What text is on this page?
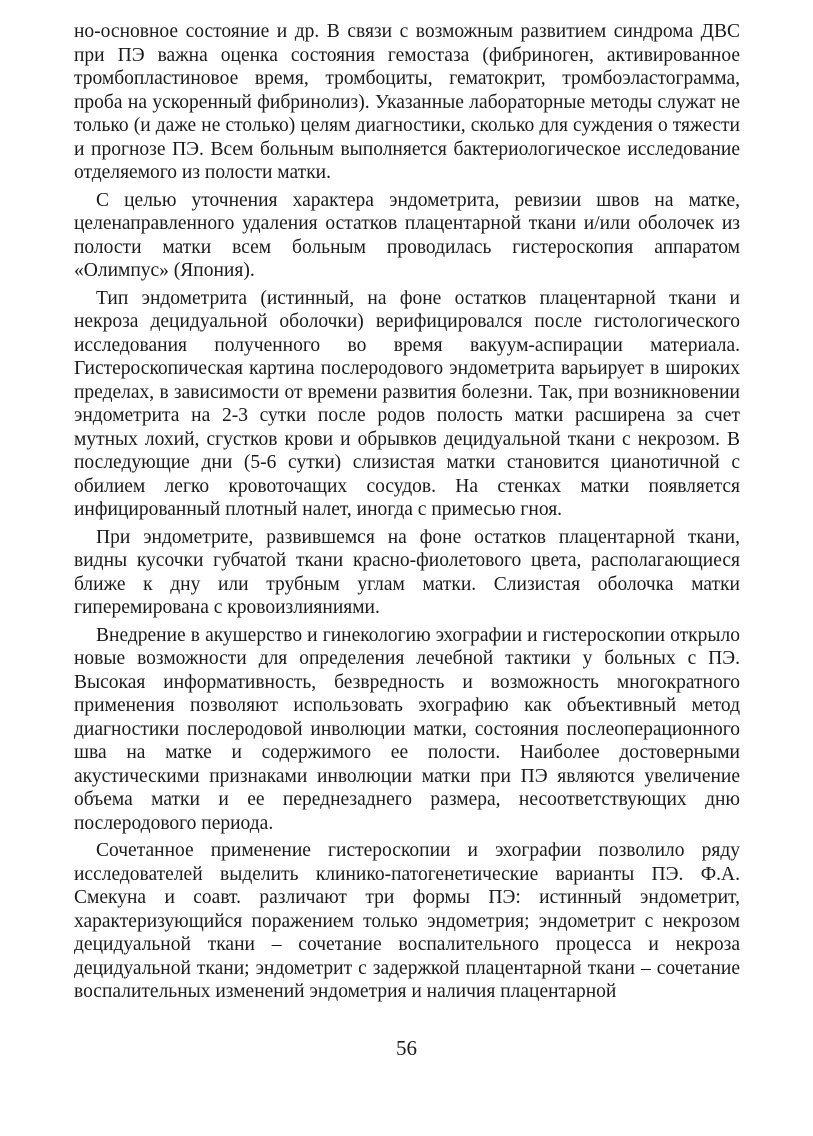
но-основное состояние и др. В связи с возможным развитием синдрома ДВС при ПЭ важна оценка состояния гемостаза (фибриноген, активированное тромбопластиновое время, тромбоциты, гематокрит, тромбоэластограмма, проба на ускоренный фибринолиз). Указанные лабораторные методы служат не только (и даже не столько) целям диагностики, сколько для суждения о тяжести и прогнозе ПЭ. Всем больным выполняется бактериологическое исследование отделяемого из полости матки.

С целью уточнения характера эндометрита, ревизии швов на матке, целенаправленного удаления остатков плацентарной ткани и/или оболочек из полости матки всем больным проводилась гистероскопия аппаратом «Олимпус» (Япония).

Тип эндометрита (истинный, на фоне остатков плацентарной ткани и некроза децидуальной оболочки) верифицировался после гистологического исследования полученного во время вакуум-аспирации материала. Гистероскопическая картина послеродового эндометрита варьирует в широких пределах, в зависимости от времени развития болезни. Так, при возникновении эндометрита на 2-3 сутки после родов полость матки расширена за счет мутных лохий, сгустков крови и обрывков децидуальной ткани с некрозом. В последующие дни (5-6 сутки) слизистая матки становится цианотичной с обилием легко кровоточащих сосудов. На стенках матки появляется инфицированный плотный налет, иногда с примесью гноя.

При эндометрите, развившемся на фоне остатков плацентарной ткани, видны кусочки губчатой ткани красно-фиолетового цвета, располагающиеся ближе к дну или трубным углам матки. Слизистая оболочка матки гиперемирована с кровоизлияниями.

Внедрение в акушерство и гинекологию эхографии и гистероскопии открыло новые возможности для определения лечебной тактики у больных с ПЭ. Высокая информативность, безвредность и возможность многократного применения позволяют использовать эхографию как объективный метод диагностики послеродовой инволюции матки, состояния послеоперационного шва на матке и содержимого ее полости. Наиболее достоверными акустическими признаками инволюции матки при ПЭ являются увеличение объема матки и ее переднезаднего размера, несоответствующих дню послеродового периода.

Сочетанное применение гистероскопии и эхографии позволило ряду исследователей выделить клинико-патогенетические варианты ПЭ. Ф.А. Смекуна и соавт. различают три формы ПЭ: истинный эндометрит, характеризующийся поражением только эндометрия; эндометрит с некрозом децидуальной ткани – сочетание воспалительного процесса и некроза децидуальной ткани; эндометрит с задержкой плацентарной ткани – сочетание воспалительных изменений эндометрия и наличия плацентарной

56
